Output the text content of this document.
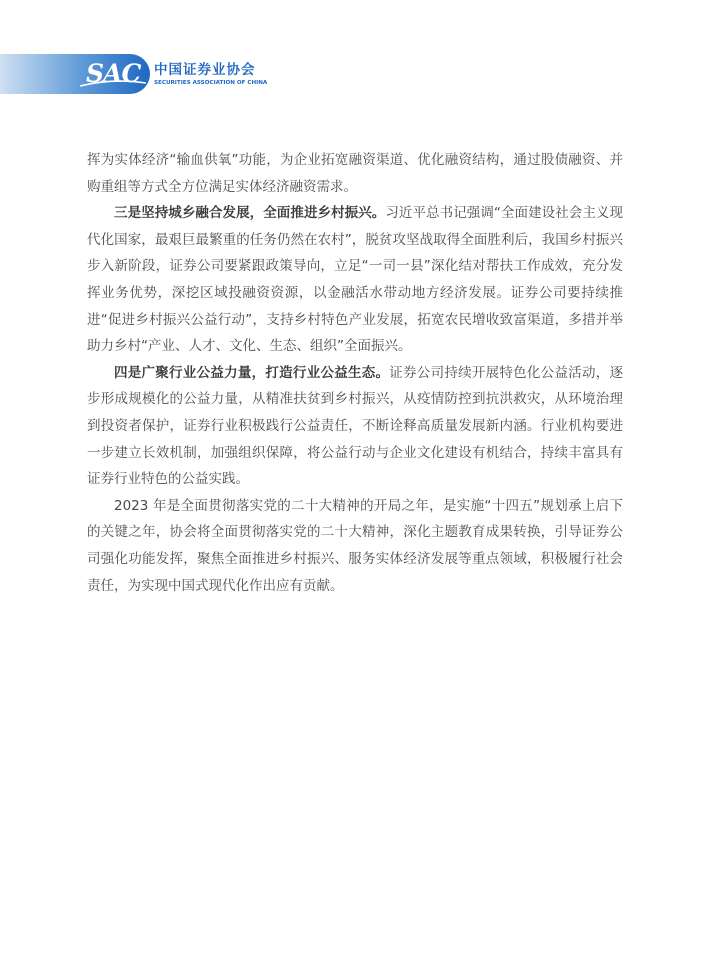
SAC 中国证券业协会
SECURITIES ASSOCIATION OF CHINA

挥为实体经济“输血供氧”功能，为企业拓宽融资渠道、优化融资结构，通过股债融资、并购重组等方式全方位满足实体经济融资需求。

三是坚持城乡融合发展，全面推进乡村振兴。习近平总书记强调“全面建设社会主义现代化国家，最艰巨最繁重的任务仍然在农村”，脱贫攻坚战取得全面胜利后，我国乡村振兴步入新阶段，证券公司要紧跟政策导向，立足“一司一县”深化结对帮扶工作成效，充分发挥业务优势，深挖区域投融资资源，以金融活水带动地方经济发展。证券公司要持续推进“促进乡村振兴公益行动”，支持乡村特色产业发展，拓宽农民增收致富渠道，多措并举助力乡村“产业、人才、文化、生态、组织”全面振兴。

四是广聚行业公益力量，打造行业公益生态。证券公司持续开展特色化公益活动，逐步形成规模化的公益力量，从精准扶贫到乡村振兴，从疫情防控到抗洪救灾，从环境治理到投资者保护，证券行业积极践行公益责任，不断诠释高质量发展新内涵。行业机构要进一步建立长效机制，加强组织保障，将公益行动与企业文化建设有机结合，持续丰富具有证券行业特色的公益实践。

2023 年是全面贯彻落实党的二十大精神的开局之年，是实施“十四五”规划承上启下的关键之年，协会将全面贯彻落实党的二十大精神，深化主题教育成果转换，引导证券公司强化功能发挥，聚焦全面推进乡村振兴、服务实体经济发展等重点领域，积极履行社会责任，为实现中国式现代化作出应有贡献。
